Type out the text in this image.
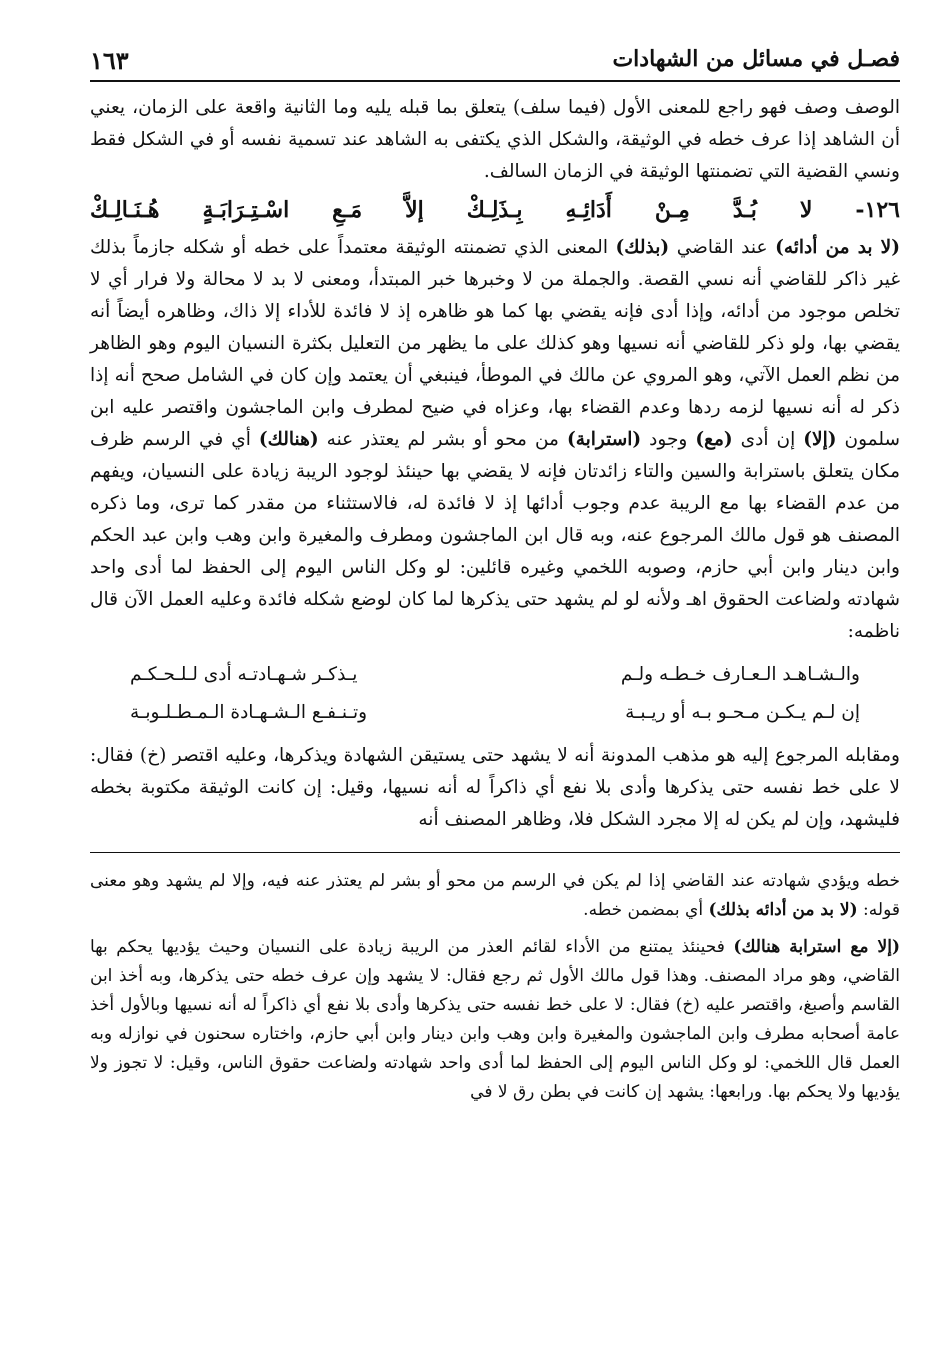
فصـل في مسائل من الشهادات
١٦٣

الوصف وصف فهو راجع للمعنى الأول (فيما سلف) يتعلق بما قبله يليه وما الثانية واقعة على الزمان، يعني أن الشاهد إذا عرف خطه في الوثيقة، والشكل الذي يكتفى به الشاهد عند تسمية نفسه أو في الشكل فقط ونسي القضية التي تضمنتها الوثيقة في الزمان السالف.

١٢٦- لا بُـدَّ مِـنْ أَدَائِـهِ بِـذَلِـكْ إلاَّ مَـعِ اسْـتِـرَابَـةٍ هُـنَـالِـكْ

(لا بد من أدائه) عند القاضي (بذلك) المعنى الذي تضمنته الوثيقة معتمداً على خطه أو شكله جازماً بذلك غير ذاكر للقاضي أنه نسي القصة. والجملة من لا وخبرها خبر المبتدأ، ومعنى لا بد لا محالة ولا فرار أي لا تخلص موجود من أدائه، وإذا أدى فإنه يقضي بها كما هو ظاهره إذ لا فائدة للأداء إلا ذاك، وظاهره أيضاً أنه يقضي بها، ولو ذكر للقاضي أنه نسيها وهو كذلك على ما يظهر من التعليل بكثرة النسيان اليوم وهو الظاهر من نظم العمل الآتي، وهو المروي عن مالك في الموطأ، فينبغي أن يعتمد وإن كان في الشامل صحح أنه إذا ذكر له أنه نسيها لزمه ردها وعدم القضاء بها، وعزاه في ضيح لمطرف وابن الماجشون واقتصر عليه ابن سلمون (إلا) إن أدى (مع) وجود (استرابة) من محو أو بشر لم يعتذر عنه (هنالك) أي في الرسم ظرف مكان يتعلق باسترابة والسين والتاء زائدتان فإنه لا يقضي بها حينئذ لوجود الريبة زيادة على النسيان، ويفهم من عدم القضاء بها مع الريبة عدم وجوب أدائها إذ لا فائدة له، فالاستثناء من مقدر كما ترى، وما ذكره المصنف هو قول مالك المرجوع عنه، وبه قال ابن الماجشون ومطرف والمغيرة وابن وهب وابن عبد الحكم وابن دينار وابن أبي حازم، وصوبه اللخمي وغيره قائلين: لو وكل الناس اليوم إلى الحفظ لما أدى واحد شهادته ولضاعت الحقوق اهـ ولأنه لو لم يشهد حتى يذكرها لما كان لوضع شكله فائدة وعليه العمل الآن قال ناظمه:

والـشـاهـد الـعـارف خـطـه ولـم
يـذكـر شـهـادتـه أدى لـلـحـكـم
إن لـم يـكـن مـحـو بـه أو ريـبـة
وتـنـفـع الـشـهـادة الـمـطـلـوبـة

ومقابله المرجوع إليه هو مذهب المدونة أنه لا يشهد حتى يستيقن الشهادة ويذكرها، وعليه اقتصر (خ) فقال: لا على خط نفسه حتى يذكرها وأدى بلا نفع أي ذاكراً له أنه نسيها، وقيل: إن كانت الوثيقة مكتوبة بخطه فليشهد، وإن لم يكن له إلا مجرد الشكل فلا، وظاهر المصنف أنه

خطه ويؤدي شهادته عند القاضي إذا لم يكن في الرسم من محو أو بشر لم يعتذر عنه فيه، وإلا لم يشهد وهو معنى قوله: (لا بد من أدائه بذلك) أي بمضمن خطه.

(إلا مع استرابة هنالك) فحينئذ يمتنع من الأداء لقائم العذر من الريبة زيادة على النسيان وحيث يؤديها يحكم بها القاضي، وهو مراد المصنف. وهذا قول مالك الأول ثم رجع فقال: لا يشهد وإن عرف خطه حتى يذكرها، وبه أخذ ابن القاسم وأصبغ، واقتصر عليه (خ) فقال: لا على خط نفسه حتى يذكرها وأدى بلا نفع أي ذاكراً له أنه نسيها وبالأول أخذ عامة أصحابه مطرف وابن الماجشون والمغيرة وابن وهب وابن دينار وابن أبي حازم، واختاره سحنون في نوازله وبه العمل قال اللخمي: لو وكل الناس اليوم إلى الحفظ لما أدى واحد شهادته ولضاعت حقوق الناس، وقيل: لا تجوز ولا يؤديها ولا يحكم بها. ورابعها: يشهد إن كانت في بطن رق لا في
